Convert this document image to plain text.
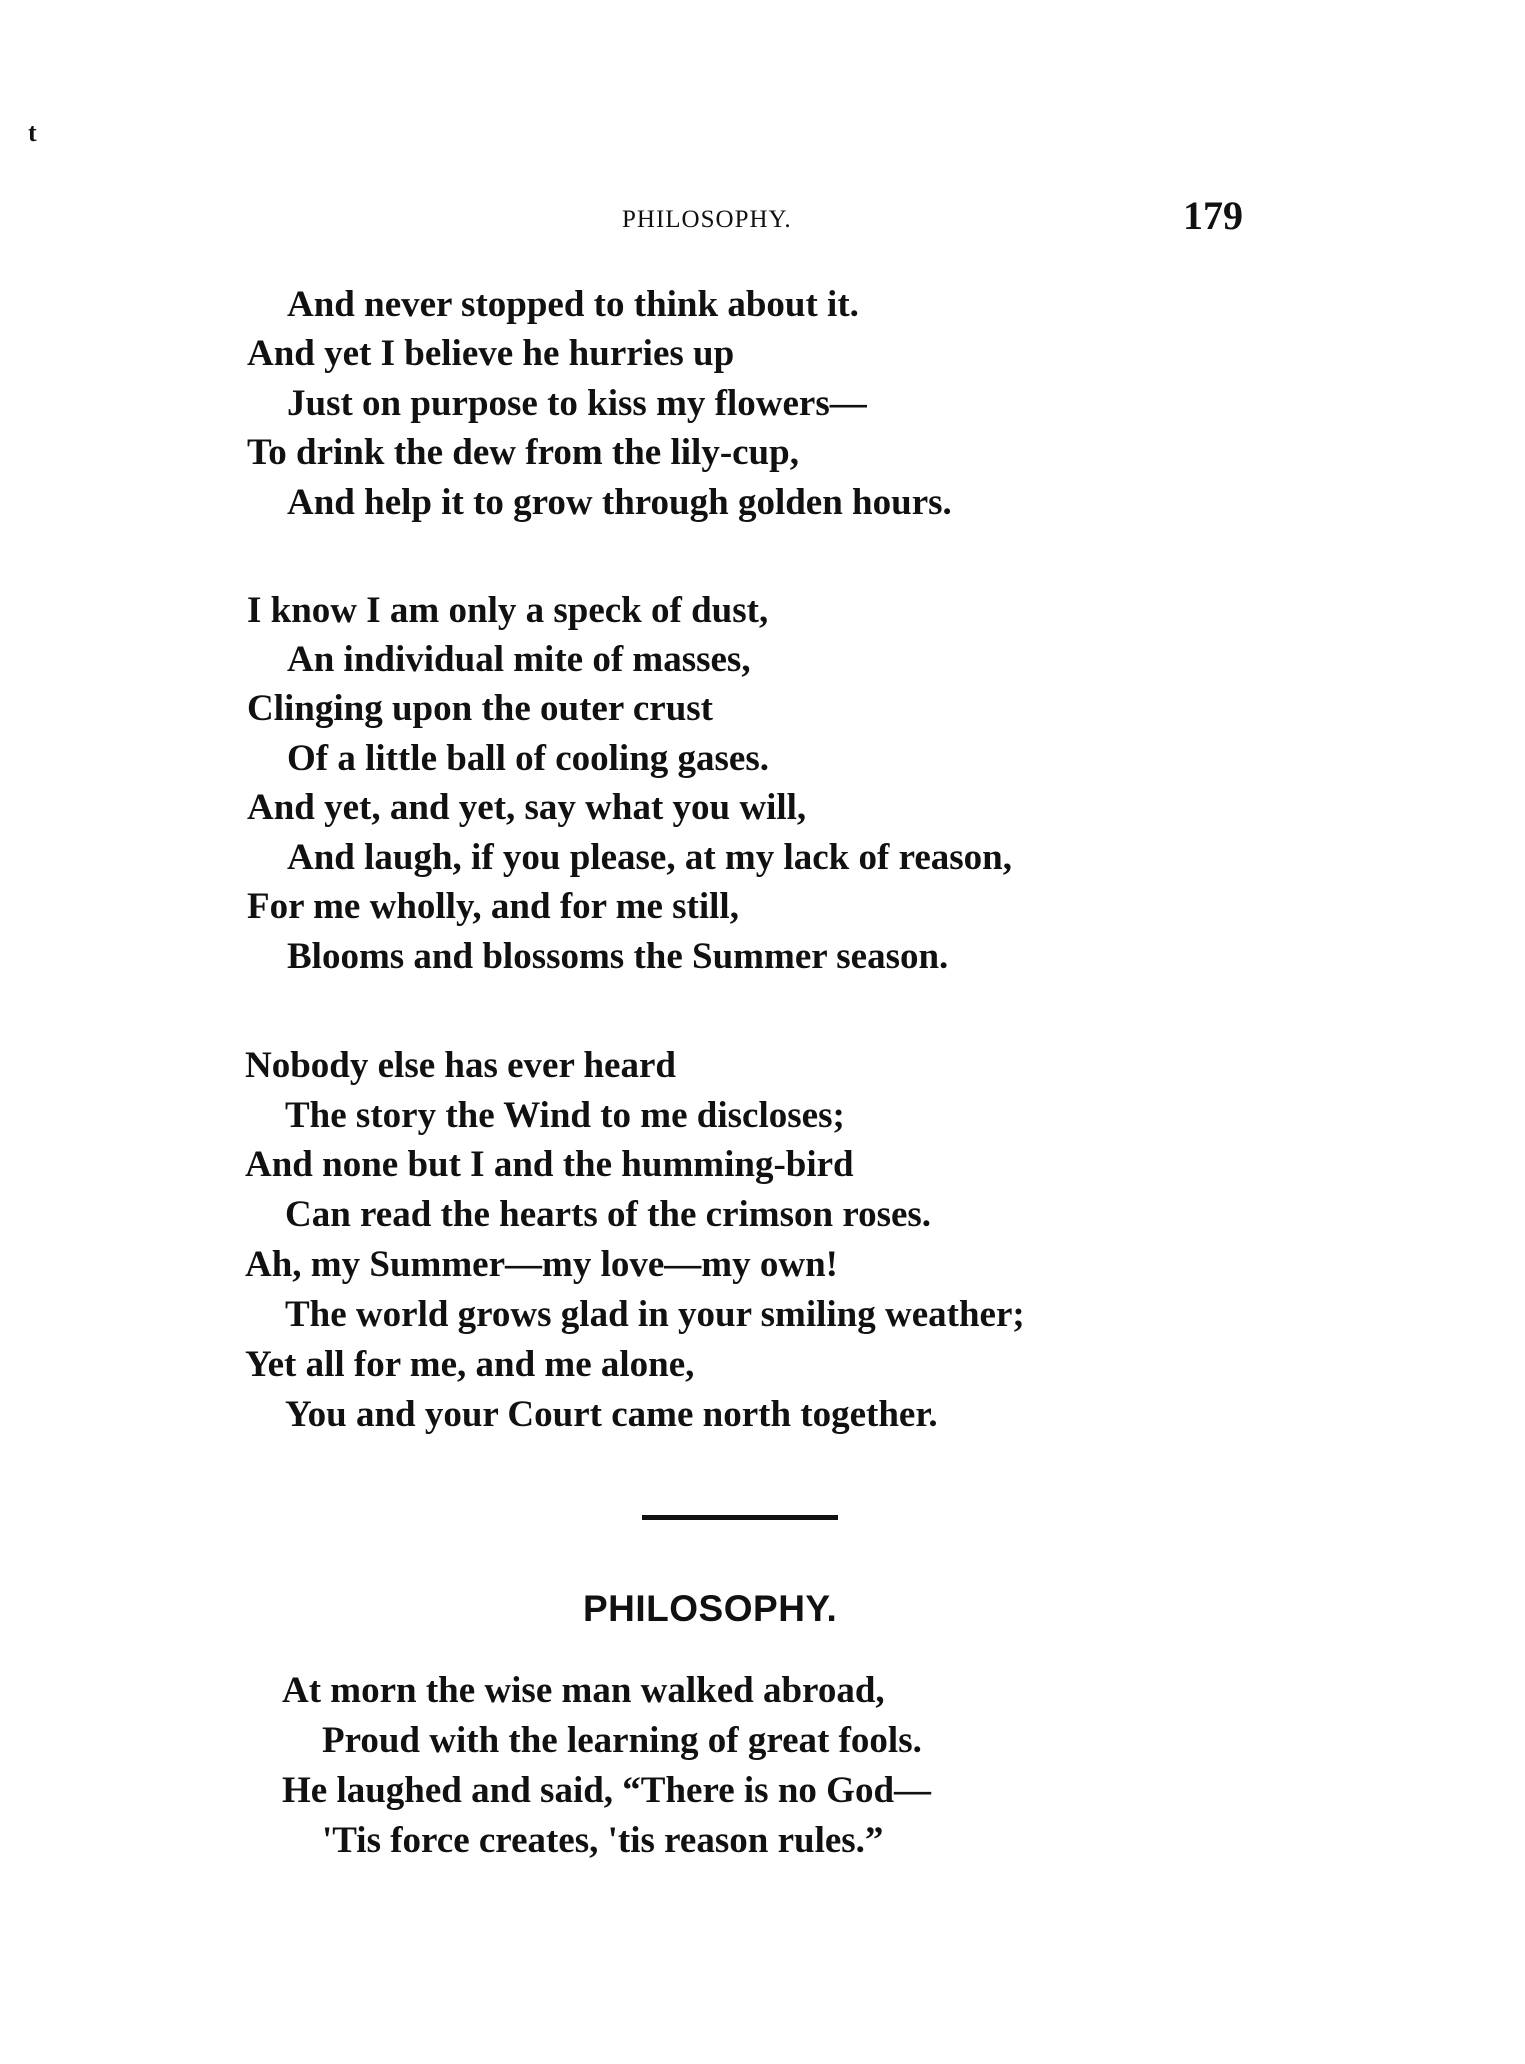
t
PHILOSOPHY.	179
And never stopped to think about it.
And yet I believe he hurries up
Just on purpose to kiss my flowers—
To drink the dew from the lily-cup,
And help it to grow through golden hours.
I know I am only a speck of dust,
An individual mite of masses,
Clinging upon the outer crust
Of a little ball of cooling gases.
And yet, and yet, say what you will,
And laugh, if you please, at my lack of reason,
For me wholly, and for me still,
Blooms and blossoms the Summer season.
Nobody else has ever heard
The story the Wind to me discloses;
And none but I and the humming-bird
Can read the hearts of the crimson roses.
Ah, my Summer—my love—my own!
The world grows glad in your smiling weather;
Yet all for me, and me alone,
You and your Court came north together.
PHILOSOPHY.
At morn the wise man walked abroad,
Proud with the learning of great fools.
He laughed and said, “There is no God—
'Tis force creates, 'tis reason rules.”
